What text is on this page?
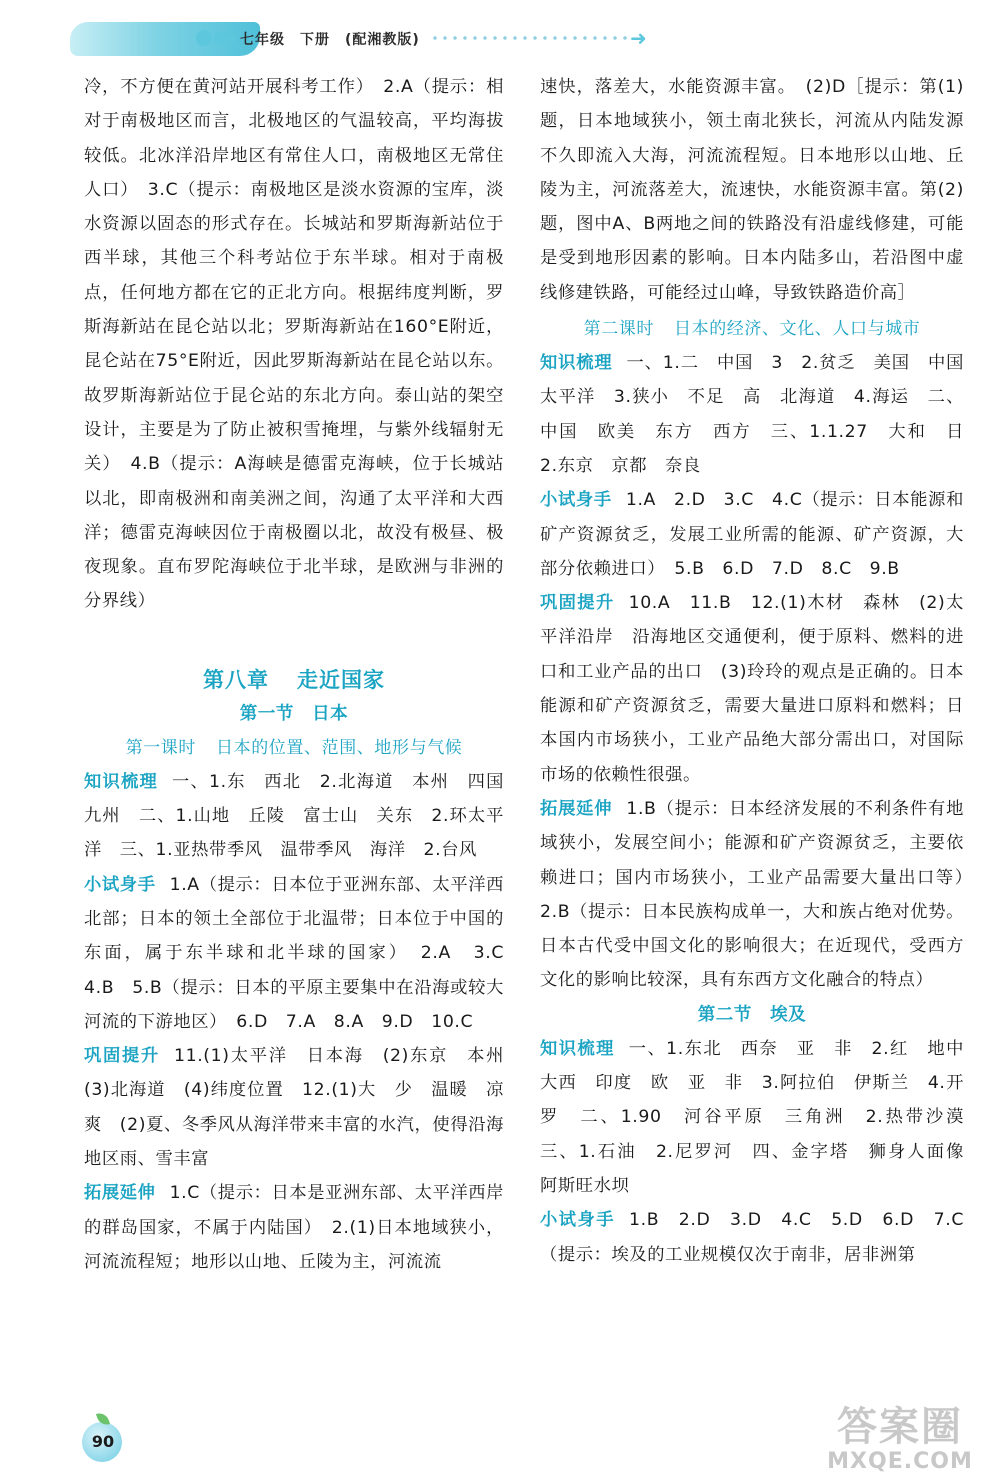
七年级　下册　(配湘教版)	➜

冷，不方便在黄河站开展科考工作）　2.A（提示：相对于南极地区而言，北极地区的气温较高，平均海拔较低。北冰洋沿岸地区有常住人口，南极地区无常住人口）　3.C（提示：南极地区是淡水资源的宝库，淡水资源以固态的形式存在。长城站和罗斯海新站位于西半球，其他三个科考站位于东半球。相对于南极点，任何地方都在它的正北方向。根据纬度判断，罗斯海新站在昆仑站以北；罗斯海新站在160°E附近，昆仑站在75°E附近，因此罗斯海新站在昆仑站以东。故罗斯海新站位于昆仑站的东北方向。泰山站的架空设计，主要是为了防止被积雪掩埋，与紫外线辐射无关）　4.B（提示：A海峡是德雷克海峡，位于长城站以北，即南极洲和南美洲之间，沟通了太平洋和大西洋；德雷克海峡因位于南极圈以北，故没有极昼、极夜现象。直布罗陀海峡位于北半球，是欧洲与非洲的分界线）

第八章 走近国家
第一节　日本
第一课时 日本的位置、范围、地形与气候

知识梳理 一、1.东　西北　2.北海道　本州　四国　九州　二、1.山地　丘陵　富士山　关东　2.环太平洋　三、1.亚热带季风　温带季风　海洋　2.台风

小试身手 1.A（提示：日本位于亚洲东部、太平洋西北部；日本的领土全部位于北温带；日本位于中国的东面，属于东半球和北半球的国家）　2.A　3.C　4.B　5.B（提示：日本的平原主要集中在沿海或较大河流的下游地区）　6.D　7.A　8.A　9.D　10.C

巩固提升 11.(1)太平洋　日本海　(2)东京　本州　(3)北海道　(4)纬度位置　12.(1)大　少　温暖　凉爽　(2)夏、冬季风从海洋带来丰富的水汽，使得沿海地区雨、雪丰富

拓展延伸 1.C（提示：日本是亚洲东部、太平洋西岸的群岛国家，不属于内陆国）　2.(1)日本地域狭小，河流流程短；地形以山地、丘陵为主，河流流

速快，落差大，水能资源丰富。　(2)D［提示：第(1)题，日本地域狭小，领土南北狭长，河流从内陆发源不久即流入大海，河流流程短。日本地形以山地、丘陵为主，河流落差大，流速快，水能资源丰富。第(2)题，图中A、B两地之间的铁路没有沿虚线修建，可能是受到地形因素的影响。日本内陆多山，若沿图中虚线修建铁路，可能经过山峰，导致铁路造价高］

第二课时 日本的经济、文化、人口与城市

知识梳理 一、1.二　中国　3　2.贫乏　美国　中国　太平洋　3.狭小　不足　高　北海道　4.海运　二、中国　欧美　东方　西方　三、1.1.27　大和　日　2.东京　京都　奈良

小试身手 1.A　2.D　3.C　4.C（提示：日本能源和矿产资源贫乏，发展工业所需的能源、矿产资源，大部分依赖进口）　5.B　6.D　7.D　8.C　9.B

巩固提升 10.A　11.B　12.(1)木材　森林　(2)太平洋沿岸　沿海地区交通便利，便于原料、燃料的进口和工业产品的出口　(3)玲玲的观点是正确的。日本能源和矿产资源贫乏，需要大量进口原料和燃料；日本国内市场狭小，工业产品绝大部分需出口，对国际市场的依赖性很强。

拓展延伸 1.B（提示：日本经济发展的不利条件有地域狭小，发展空间小；能源和矿产资源贫乏，主要依赖进口；国内市场狭小，工业产品需要大量出口等）　2.B（提示：日本民族构成单一，大和族占绝对优势。日本古代受中国文化的影响很大；在近现代，受西方文化的影响比较深，具有东西方文化融合的特点）

第二节　埃及

知识梳理 一、1.东北　西奈　亚　非　2.红　地中　大西　印度　欧　亚　非　3.阿拉伯　伊斯兰　4.开罗　二、1.90　河谷平原　三角洲　2.热带沙漠　三、1.石油　2.尼罗河　四、金字塔　狮身人面像　阿斯旺水坝

小试身手 1.B　2.D　3.D　4.C　5.D　6.D　7.C（提示：埃及的工业规模仅次于南非，居非洲第

90	答案圈
MXQE.COM
